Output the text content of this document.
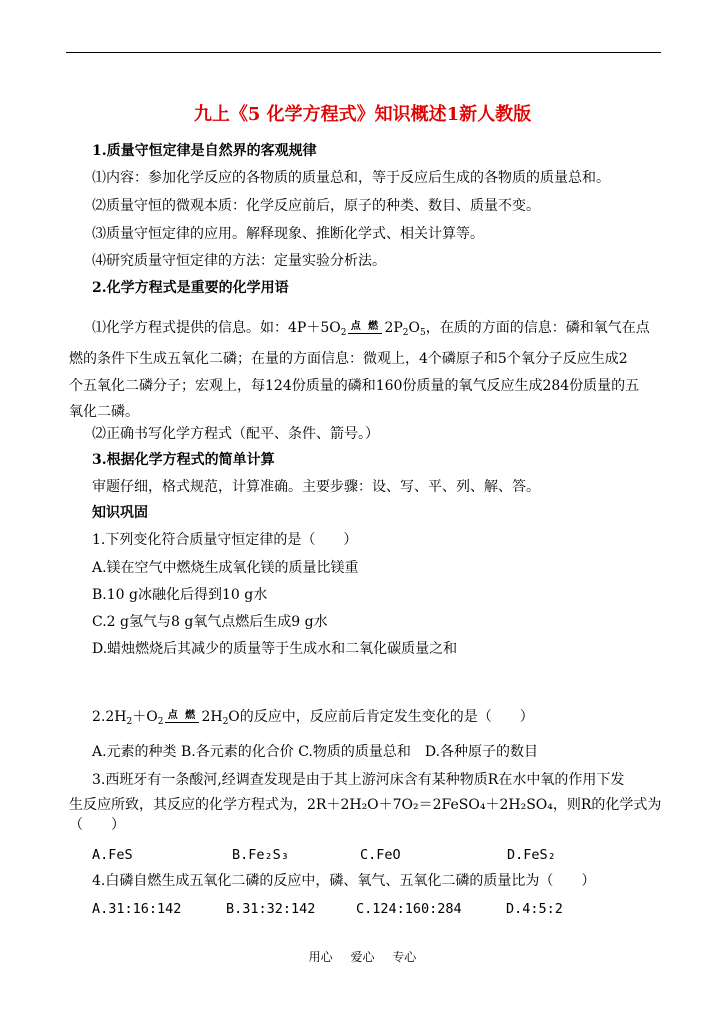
九上《5 化学方程式》知识概述1新人教版
1.质量守恒定律是自然界的客观规律
⑴内容：参加化学反应的各物质的质量总和，等于反应后生成的各物质的质量总和。
⑵质量守恒的微观本质：化学反应前后，原子的种类、数目、质量不变。
⑶质量守恒定律的应用。解释现象、推断化学式、相关计算等。
⑷研究质量守恒定律的方法：定量实验分析法。
2.化学方程式是重要的化学用语
⑴化学方程式提供的信息。如：$4P+5O_2$
点 燃 $2P_2O_5$，在质的方面的信息：磷和氧气在点
燃的条件下生成五氧化二磷；在量的方面信息：微观上，4个磷原子和5个氧分子反应生成2
个五氧化二磷分子；宏观上，每124份质量的磷和160份质量的氧气反应生成284份质量的五
氧化二磷。
⑵正确书写化学方程式（配平、条件、箭号。）
3.根据化学方程式的简单计算
审题仔细，格式规范，计算准确。主要步骤：设、写、平、列、解、答。
知识巩固
1.下列变化符合质量守恒定律的是（　　）
A.镁在空气中燃烧生成氧化镁的质量比镁重
B.10 g冰融化后得到10 g水
C.2 g氢气与8 g氧气点燃后生成9 g水
D.蜡烛燃烧后其减少的质量等于生成水和二氧化碳质量之和
$2.2H_2+O_2$
点 燃 $2H_2O$的反应中，反应前后肯定发生变化的是（　　）
A.元素的种类 B.各元素的化合价 C.物质的质量总和　D.各种原子的数目
3.西班牙有一条酸河,经调查发现是由于其上游河床含有某种物质R在水中氧的作用下发
生反应所致，其反应的化学方程式为，2R＋2H₂O＋7O₂＝2FeSO₄＋2H₂SO₄，则R的化学式为
（　　）
A.FeS	B.Fe₂S₃	C.FeO	D.FeS₂
4.白磷自燃生成五氧化二磷的反应中，磷、氧气、五氧化二磷的质量比为（　　）
A.31:16:142	B.31:32:142	C.124:160:284	D.4:5:2
用心 爱心 专心
